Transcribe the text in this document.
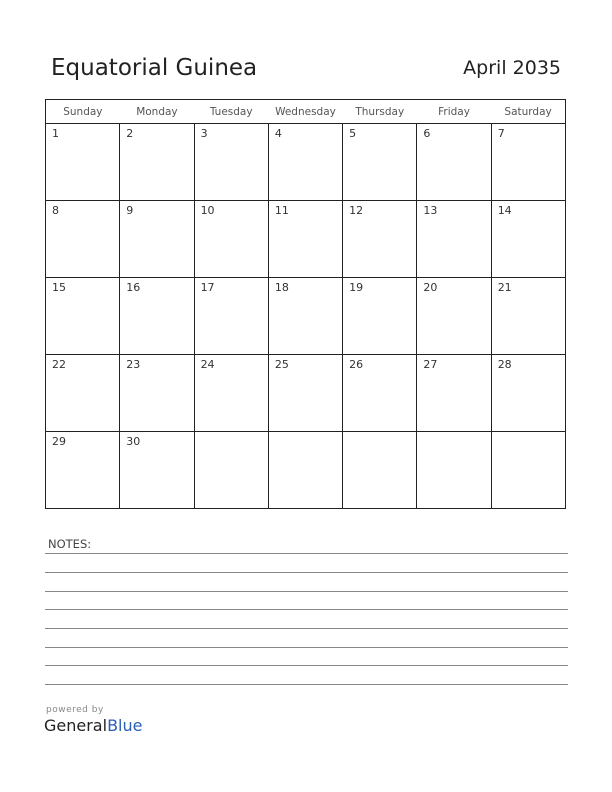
Equatorial Guinea	April 2035
Sunday	Monday	Tuesday	Wednesday	Thursday	Friday	Saturday

1	2	3	4	5	6	7

8	9	10	11	12	13	14

15	16	17	18	19	20	21

22	23	24	25	26	27	28

29	30					

NOTES:
powered by
GeneralBlue
